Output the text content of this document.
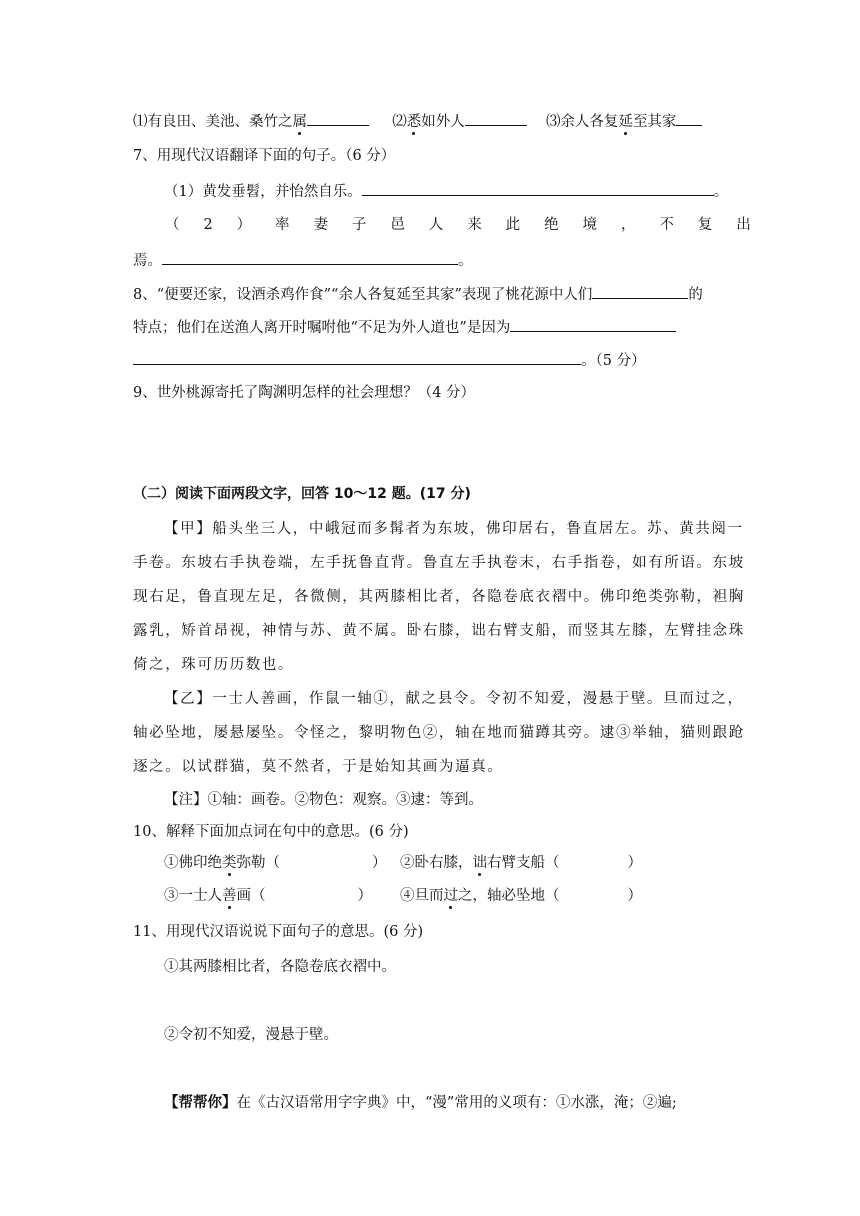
⑴有良田、美池、桑竹之属	⑵悉如外人	⑶余人各复延至其家
7、用现代汉语翻译下面的句子。（6 分）
（1）黄发垂髫，并怡然自乐。	。
（ 2 ） 率 妻 子 邑 人 来 此 绝 境 ， 不 复 出
焉。	。
8、“便要还家，设酒杀鸡作食”“余人各复延至其家”表现了桃花源中人们	的
特点；他们在送渔人离开时嘱咐他“不足为外人道也”是因为
。（5 分）
9、世外桃源寄托了陶渊明怎样的社会理想？（4 分）
（二）阅读下面两段文字，回答 10～12 题。(17 分)
【甲】船头坐三人，中峨冠而多髯者为东坡，佛印居右，鲁直居左。苏、黄共阅一
手卷。东坡右手执卷端，左手抚鲁直背。鲁直左手执卷末，右手指卷，如有所语。东坡
现右足，鲁直现左足，各微侧，其两膝相比者，各隐卷底衣褶中。佛印绝类弥勒，袒胸
露乳，矫首昂视，神情与苏、黄不属。卧右膝，诎右臂支船，而竖其左膝，左臂挂念珠
倚之，珠可历历数也。
【乙】一士人善画，作鼠一轴①，献之县令。令初不知爱，漫悬于壁。旦而过之，
轴必坠地，屡悬屡坠。令怪之，黎明物色②，轴在地而猫蹲其旁。逮③举轴，猫则跟跄
逐之。以试群猫，莫不然者，于是始知其画为逼真。
【注】①轴：画卷。②物色：观察。③逮：等到。
10、解释下面加点词在句中的意思。(6 分)
①佛印绝类弥勒（	） ②卧右膝，诎右臂支船（	）
③一士人善画（	） ④旦而过之，轴必坠地（	）
11、用现代汉语说说下面句子的意思。(6 分)
①其两膝相比者，各隐卷底衣褶中。
②令初不知爱，漫悬于壁。
【帮帮你】在《古汉语常用字字典》中，“漫”常用的义项有：①水涨，淹；②遍;
